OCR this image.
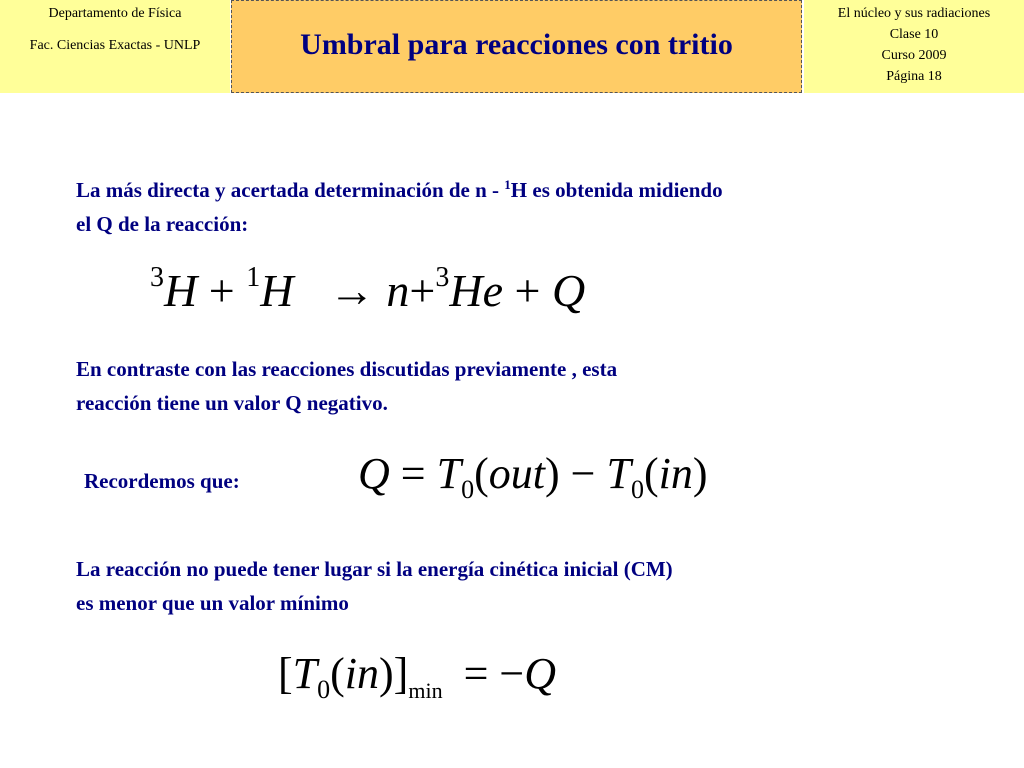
Departamento de Física
Fac. Ciencias Exactas - UNLP	Umbral para reacciones con tritio
El núcleo y sus radiaciones
Clase 10
Curso 2009
Página 18
La más directa y acertada determinación de n - $^1$H es obtenida midiendo
el Q de la reacción:
$^3$H + $^1$H → n+$^3$He + Q
En contraste con las reacciones discutidas previamente , esta
reacción tiene un valor Q negativo.
Recordemos que:	$Q = T_0(out) - T_0(in)$
La reacción no puede tener lugar si la energía cinética inicial (CM)
es menor que un valor mínimo
$[T_0(in)]_{min} = -Q$
